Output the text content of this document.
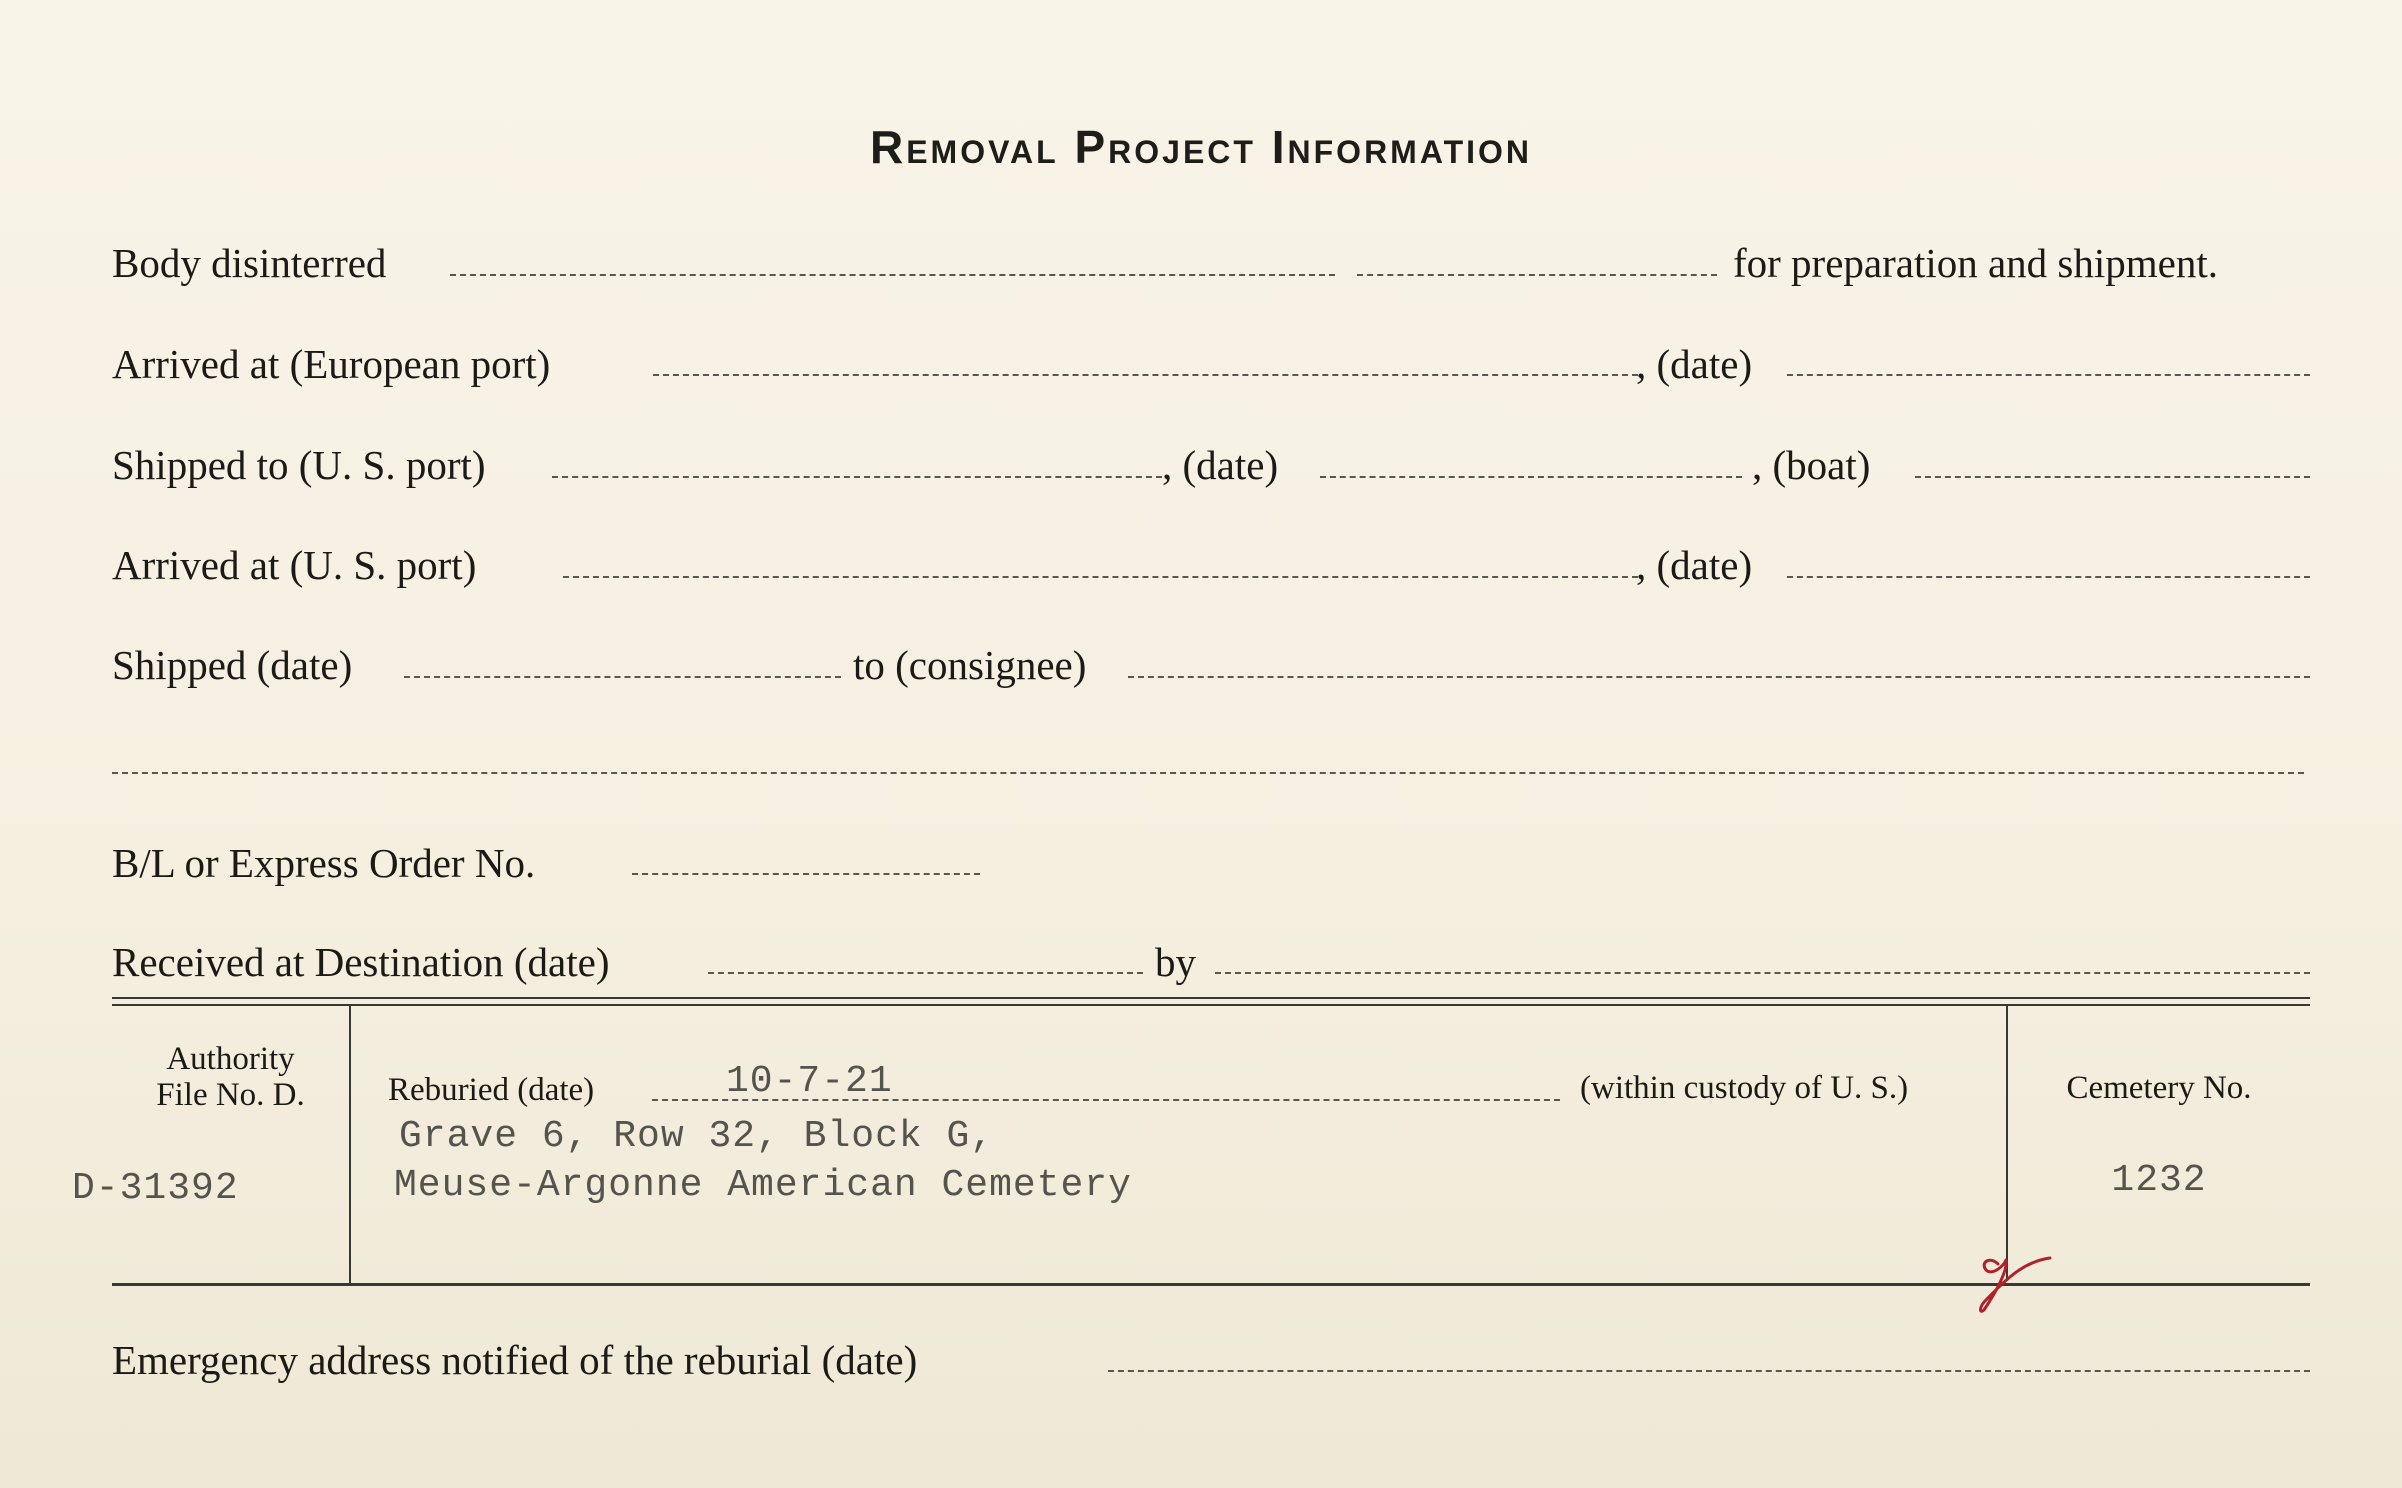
Removal Project Information
Body disinterred	for preparation and shipment.
Arrived at (European port)	, (date)
Shipped to (U. S. port)	, (date)	, (boat)
Arrived at (U. S. port)	, (date)
Shipped (date)	to (consignee)
B/L or Express Order No.
Received at Destination (date)	by
Authority
File No. D.
D-31392
Reburied (date)	10-7-21	(within custody of U. S.)
Grave 6, Row 32, Block G,
Meuse-Argonne American Cemetery
Cemetery No.
1232
Emergency address notified of the reburial (date)
